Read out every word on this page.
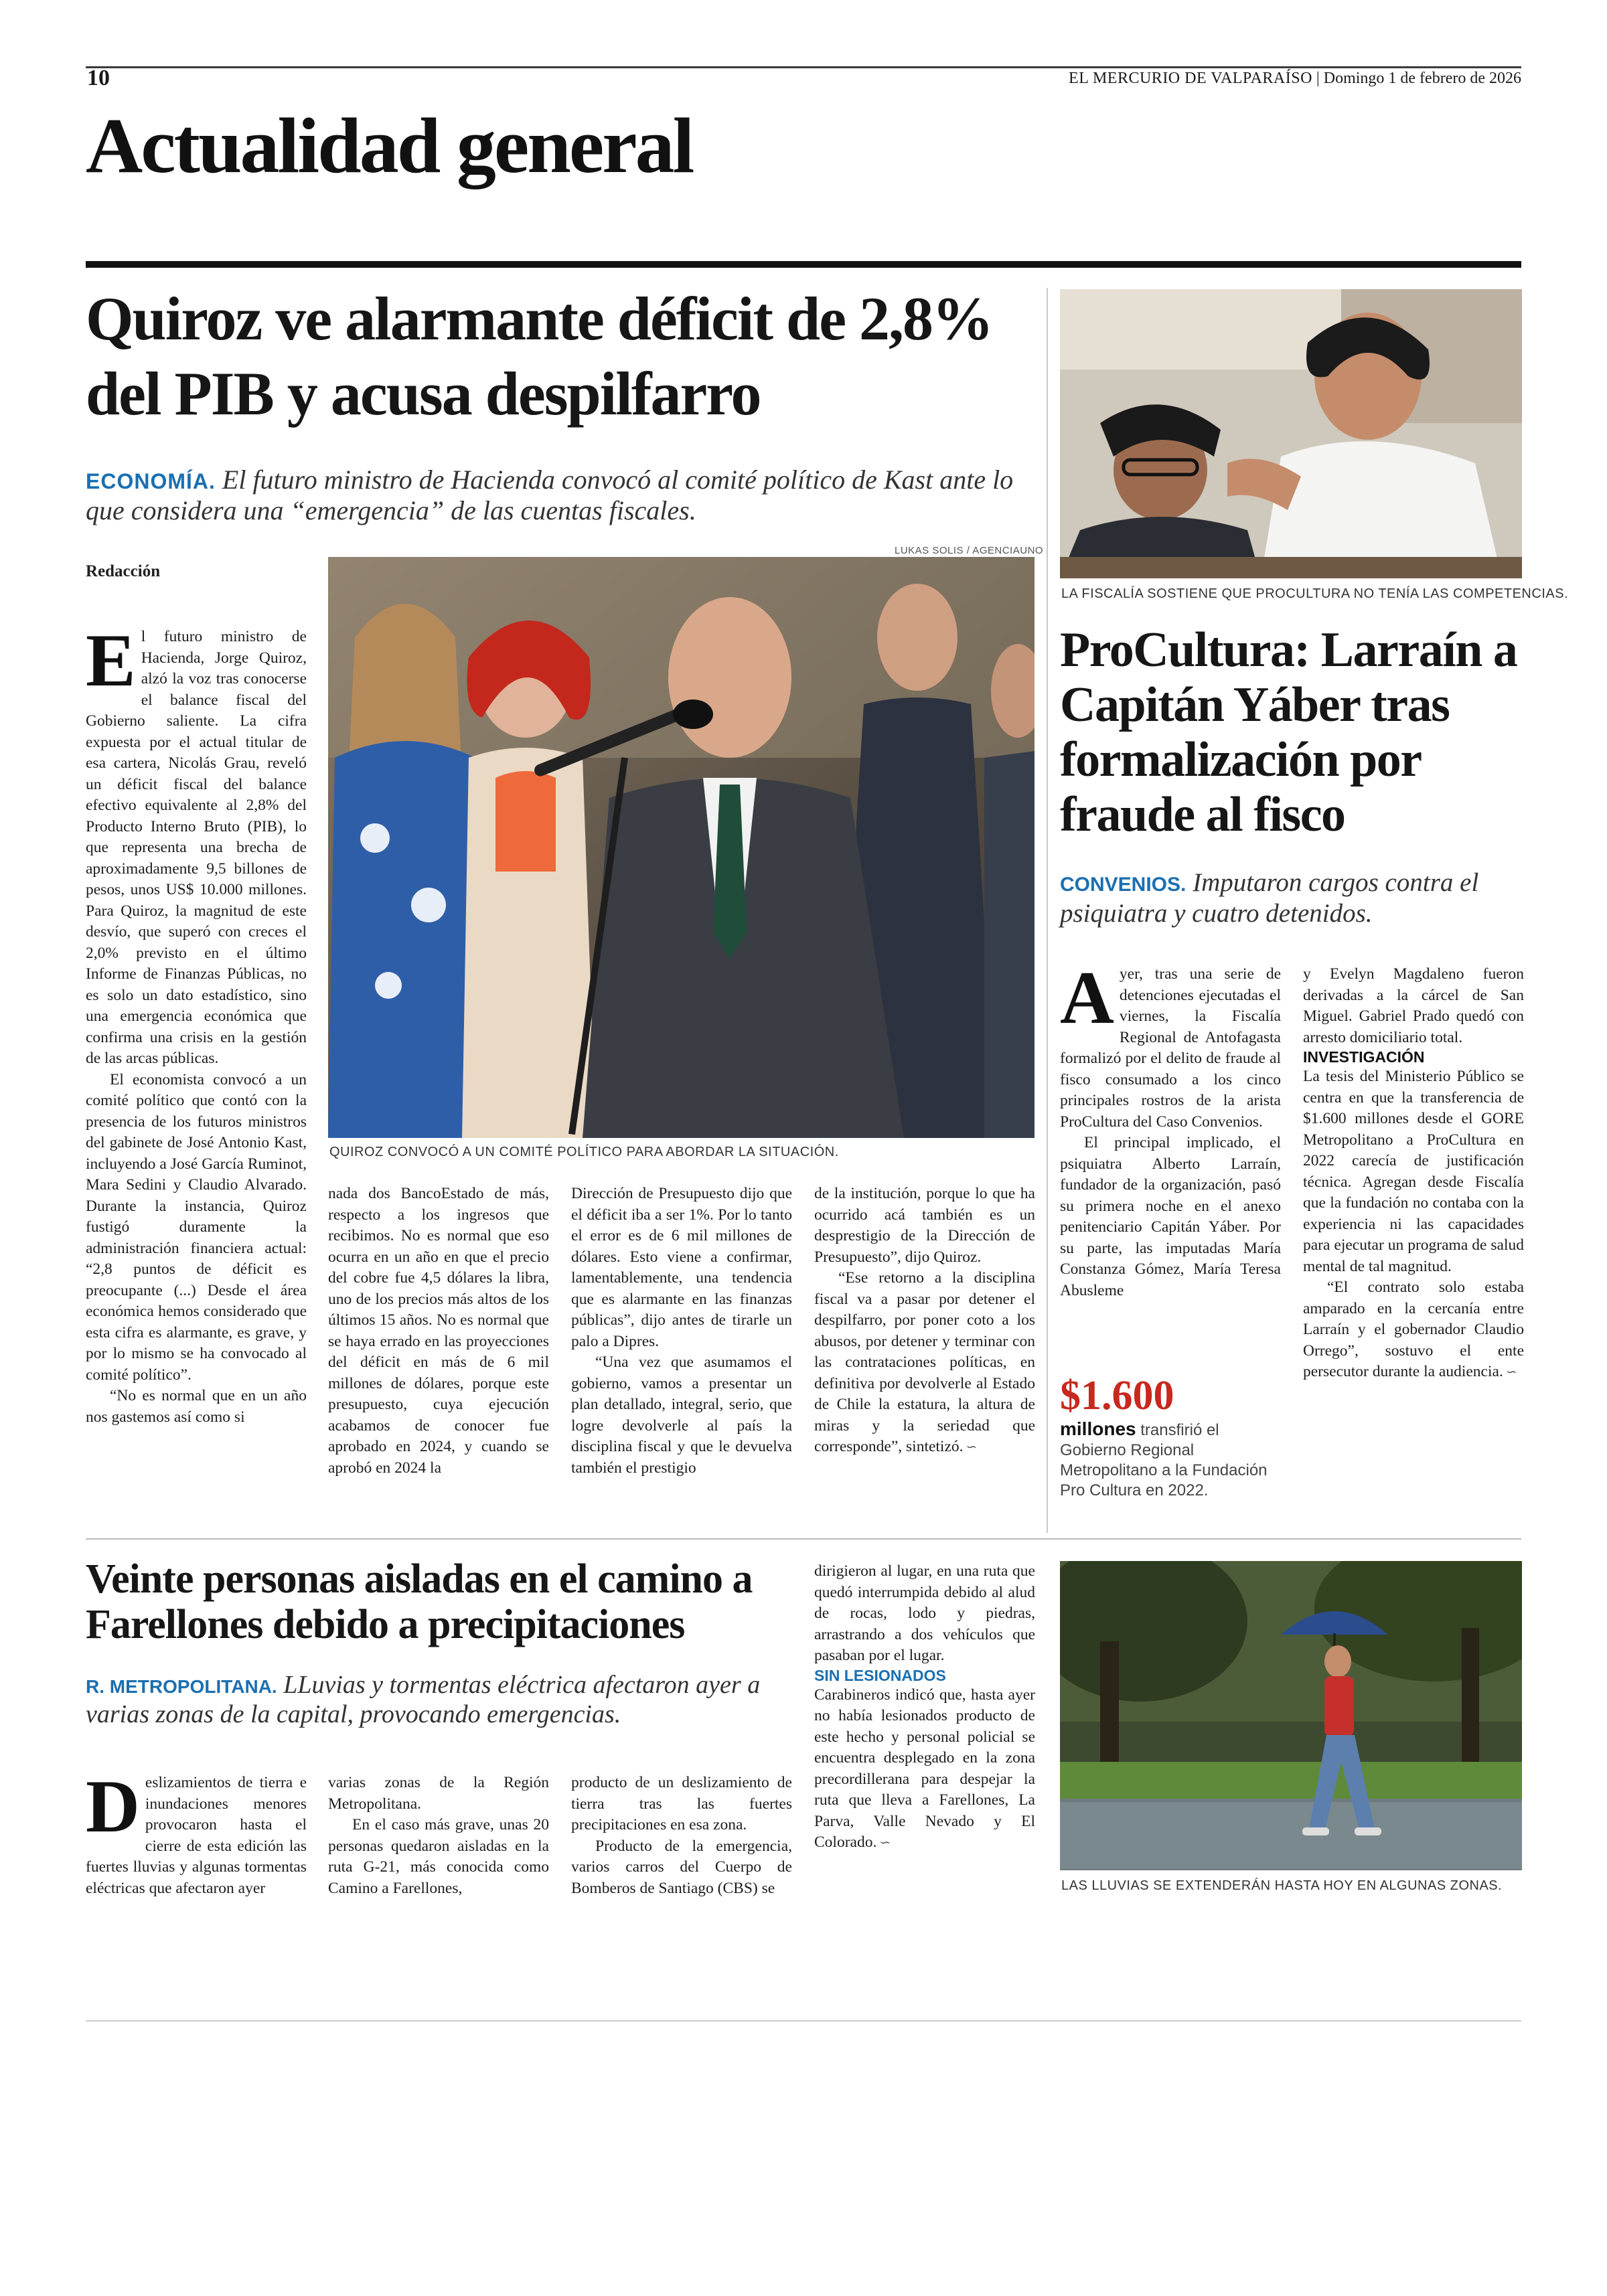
10	EL MERCURIO DE VALPARAÍSO | Domingo 1 de febrero de 2026
Actualidad general
Quiroz ve alarmante déficit de 2,8% del PIB y acusa despilfarro
ECONOMÍA. El futuro ministro de Hacienda convocó al comité político de Kast ante lo que considera una “emergencia” de las cuentas fiscales.
Redacción
LUKAS SOLIS / AGENCIAUNO
QUIROZ CONVOCÓ A UN COMITÉ POLÍTICO PARA ABORDAR LA SITUACIÓN.

El futuro ministro de Hacienda, Jorge Quiroz, alzó la voz tras conocerse el balance fiscal del Gobierno saliente. La cifra expuesta por el actual titular de esa cartera, Nicolás Grau, reveló un déficit fiscal del balance efectivo equivalente al 2,8% del Producto Interno Bruto (PIB), lo que representa una brecha de aproximadamente 9,5 billones de pesos, unos US$ 10.000 millones. Para Quiroz, la magnitud de este desvío, que superó con creces el 2,0% previsto en el último Informe de Finanzas Públicas, no es solo un dato estadístico, sino una emergencia económica que confirma una crisis en la gestión de las arcas públicas.

El economista convocó a un comité político que contó con la presencia de los futuros ministros del gabinete de José Antonio Kast, incluyendo a José García Ruminot, Mara Sedini y Claudio Alvarado. Durante la instancia, Quiroz fustigó duramente la administración financiera actual: “2,8 puntos de déficit es preocupante (...) Desde el área económica hemos considerado que esta cifra es alarmante, es grave, y por lo mismo se ha convocado al comité político”.

“No es normal que en un año nos gastemos así como si

nada dos BancoEstado de más, respecto a los ingresos que recibimos. No es normal que eso ocurra en un año en que el precio del cobre fue 4,5 dólares la libra, uno de los precios más altos de los últimos 15 años. No es normal que se haya errado en las proyecciones del déficit en más de 6 mil millones de dólares, porque este presupuesto, cuya ejecución acabamos de conocer fue aprobado en 2024, y cuando se aprobó en 2024 la

Dirección de Presupuesto dijo que el déficit iba a ser 1%. Por lo tanto el error es de 6 mil millones de dólares. Esto viene a confirmar, lamentablemente, una tendencia que es alarmante en las finanzas públicas”, dijo antes de tirarle un palo a Dipres.

“Una vez que asumamos el gobierno, vamos a presentar un plan detallado, integral, serio, que logre devolverle al país la disciplina fiscal y que le devuelva también el prestigio

de la institución, porque lo que ha ocurrido acá también es un desprestigio de la Dirección de Presupuesto”, dijo Quiroz.

“Ese retorno a la disciplina fiscal va a pasar por detener el despilfarro, por poner coto a los abusos, por detener y terminar con las contrataciones políticas, en definitiva por devolverle al Estado de Chile la estatura, la altura de miras y la seriedad que corresponde”, sintetizó. ∽

LA FISCALÍA SOSTIENE QUE PROCULTURA NO TENÍA LAS COMPETENCIAS.
ProCultura: Larraín a Capitán Yáber tras formalización por fraude al fisco
CONVENIOS. Imputaron cargos contra el psiquiatra y cuatro detenidos.

Ayer, tras una serie de detenciones ejecutadas el viernes, la Fiscalía Regional de Antofagasta formalizó por el delito de fraude al fisco consumado a los cinco principales rostros de la arista ProCultura del Caso Convenios.

El principal implicado, el psiquiatra Alberto Larraín, fundador de la organización, pasó su primera noche en el anexo penitenciario Capitán Yáber. Por su parte, las imputadas María Constanza Gómez, María Teresa Abusleme

$1.600
millones transfirió el Gobierno Regional Metropolitano a la Fundación Pro Cultura en 2022.

y Evelyn Magdaleno fueron derivadas a la cárcel de San Miguel. Gabriel Prado quedó con arresto domiciliario total.

INVESTIGACIÓN

La tesis del Ministerio Público se centra en que la transferencia de $1.600 millones desde el GORE Metropolitano a ProCultura en 2022 carecía de justificación técnica. Agregan desde Fiscalía que la fundación no contaba con la experiencia ni las capacidades para ejecutar un programa de salud mental de tal magnitud.

“El contrato solo estaba amparado en la cercanía entre Larraín y el gobernador Claudio Orrego”, sostuvo el ente persecutor durante la audiencia. ∽

Veinte personas aisladas en el camino a Farellones debido a precipitaciones
R. METROPOLITANA. LLuvias y tormentas eléctrica afectaron ayer a varias zonas de la capital, provocando emergencias.

Deslizamientos de tierra e inundaciones menores provocaron hasta el cierre de esta edición las fuertes lluvias y algunas tormentas eléctricas que afectaron ayer

varias zonas de la Región Metropolitana.

En el caso más grave, unas 20 personas quedaron aisladas en la ruta G-21, más conocida como Camino a Farellones,

producto de un deslizamiento de tierra tras las fuertes precipitaciones en esa zona.

Producto de la emergencia, varios carros del Cuerpo de Bomberos de Santiago (CBS) se

dirigieron al lugar, en una ruta que quedó interrumpida debido al alud de rocas, lodo y piedras, arrastrando a dos vehículos que pasaban por el lugar.

SIN LESIONADOS

Carabineros indicó que, hasta ayer no había lesionados producto de este hecho y personal policial se encuentra desplegado en la zona precordillerana para despejar la ruta que lleva a Farellones, La Parva, Valle Nevado y El Colorado. ∽

LAS LLUVIAS SE EXTENDERÁN HASTA HOY EN ALGUNAS ZONAS.
